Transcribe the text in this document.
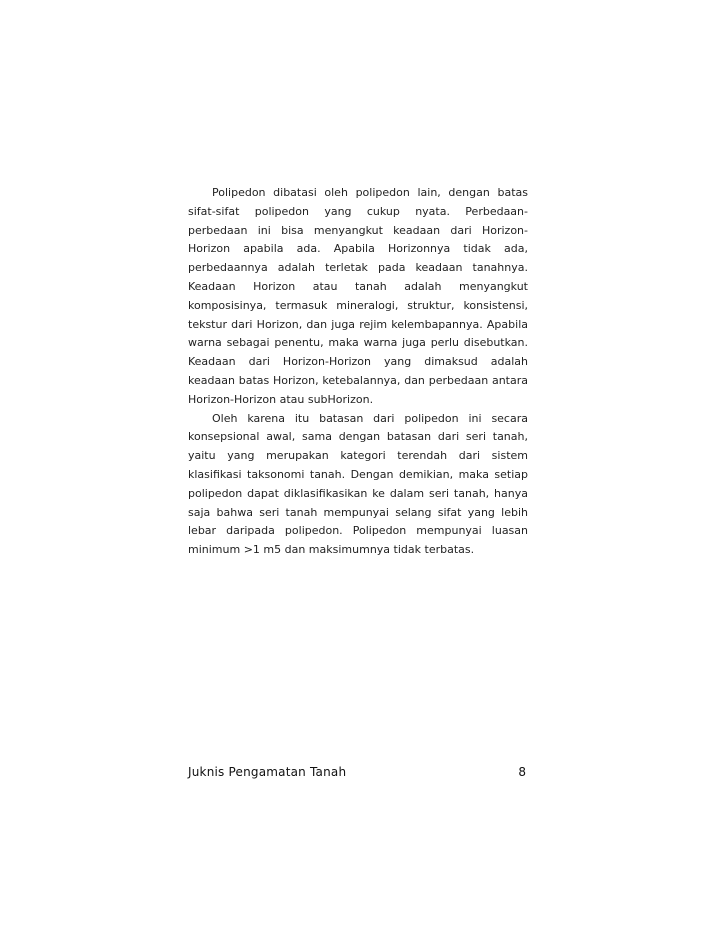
Polipedon dibatasi oleh polipedon lain, dengan batas sifat-sifat polipedon yang cukup nyata. Perbedaan-perbedaan ini bisa menyangkut keadaan dari Horizon-Horizon apabila ada. Apabila Horizonnya tidak ada, perbedaannya adalah terletak pada keadaan tanahnya. Keadaan Horizon atau tanah adalah menyangkut komposisinya, termasuk mineralogi, struktur, konsistensi, tekstur dari Horizon, dan juga rejim kelembapannya. Apabila warna sebagai penentu, maka warna juga perlu disebutkan. Keadaan dari Horizon-Horizon yang dimaksud adalah keadaan batas Horizon, ketebalannya, dan perbedaan antara Horizon-Horizon atau subHorizon.

Oleh karena itu batasan dari polipedon ini secara konsepsional awal, sama dengan batasan dari seri tanah, yaitu yang merupakan kategori terendah dari sistem klasifikasi taksonomi tanah. Dengan demikian, maka setiap polipedon dapat diklasifikasikan ke dalam seri tanah, hanya saja bahwa seri tanah mempunyai selang sifat yang lebih lebar daripada polipedon. Polipedon mempunyai luasan minimum >1 m5 dan maksimumnya tidak terbatas.

Juknis Pengamatan Tanah	8
